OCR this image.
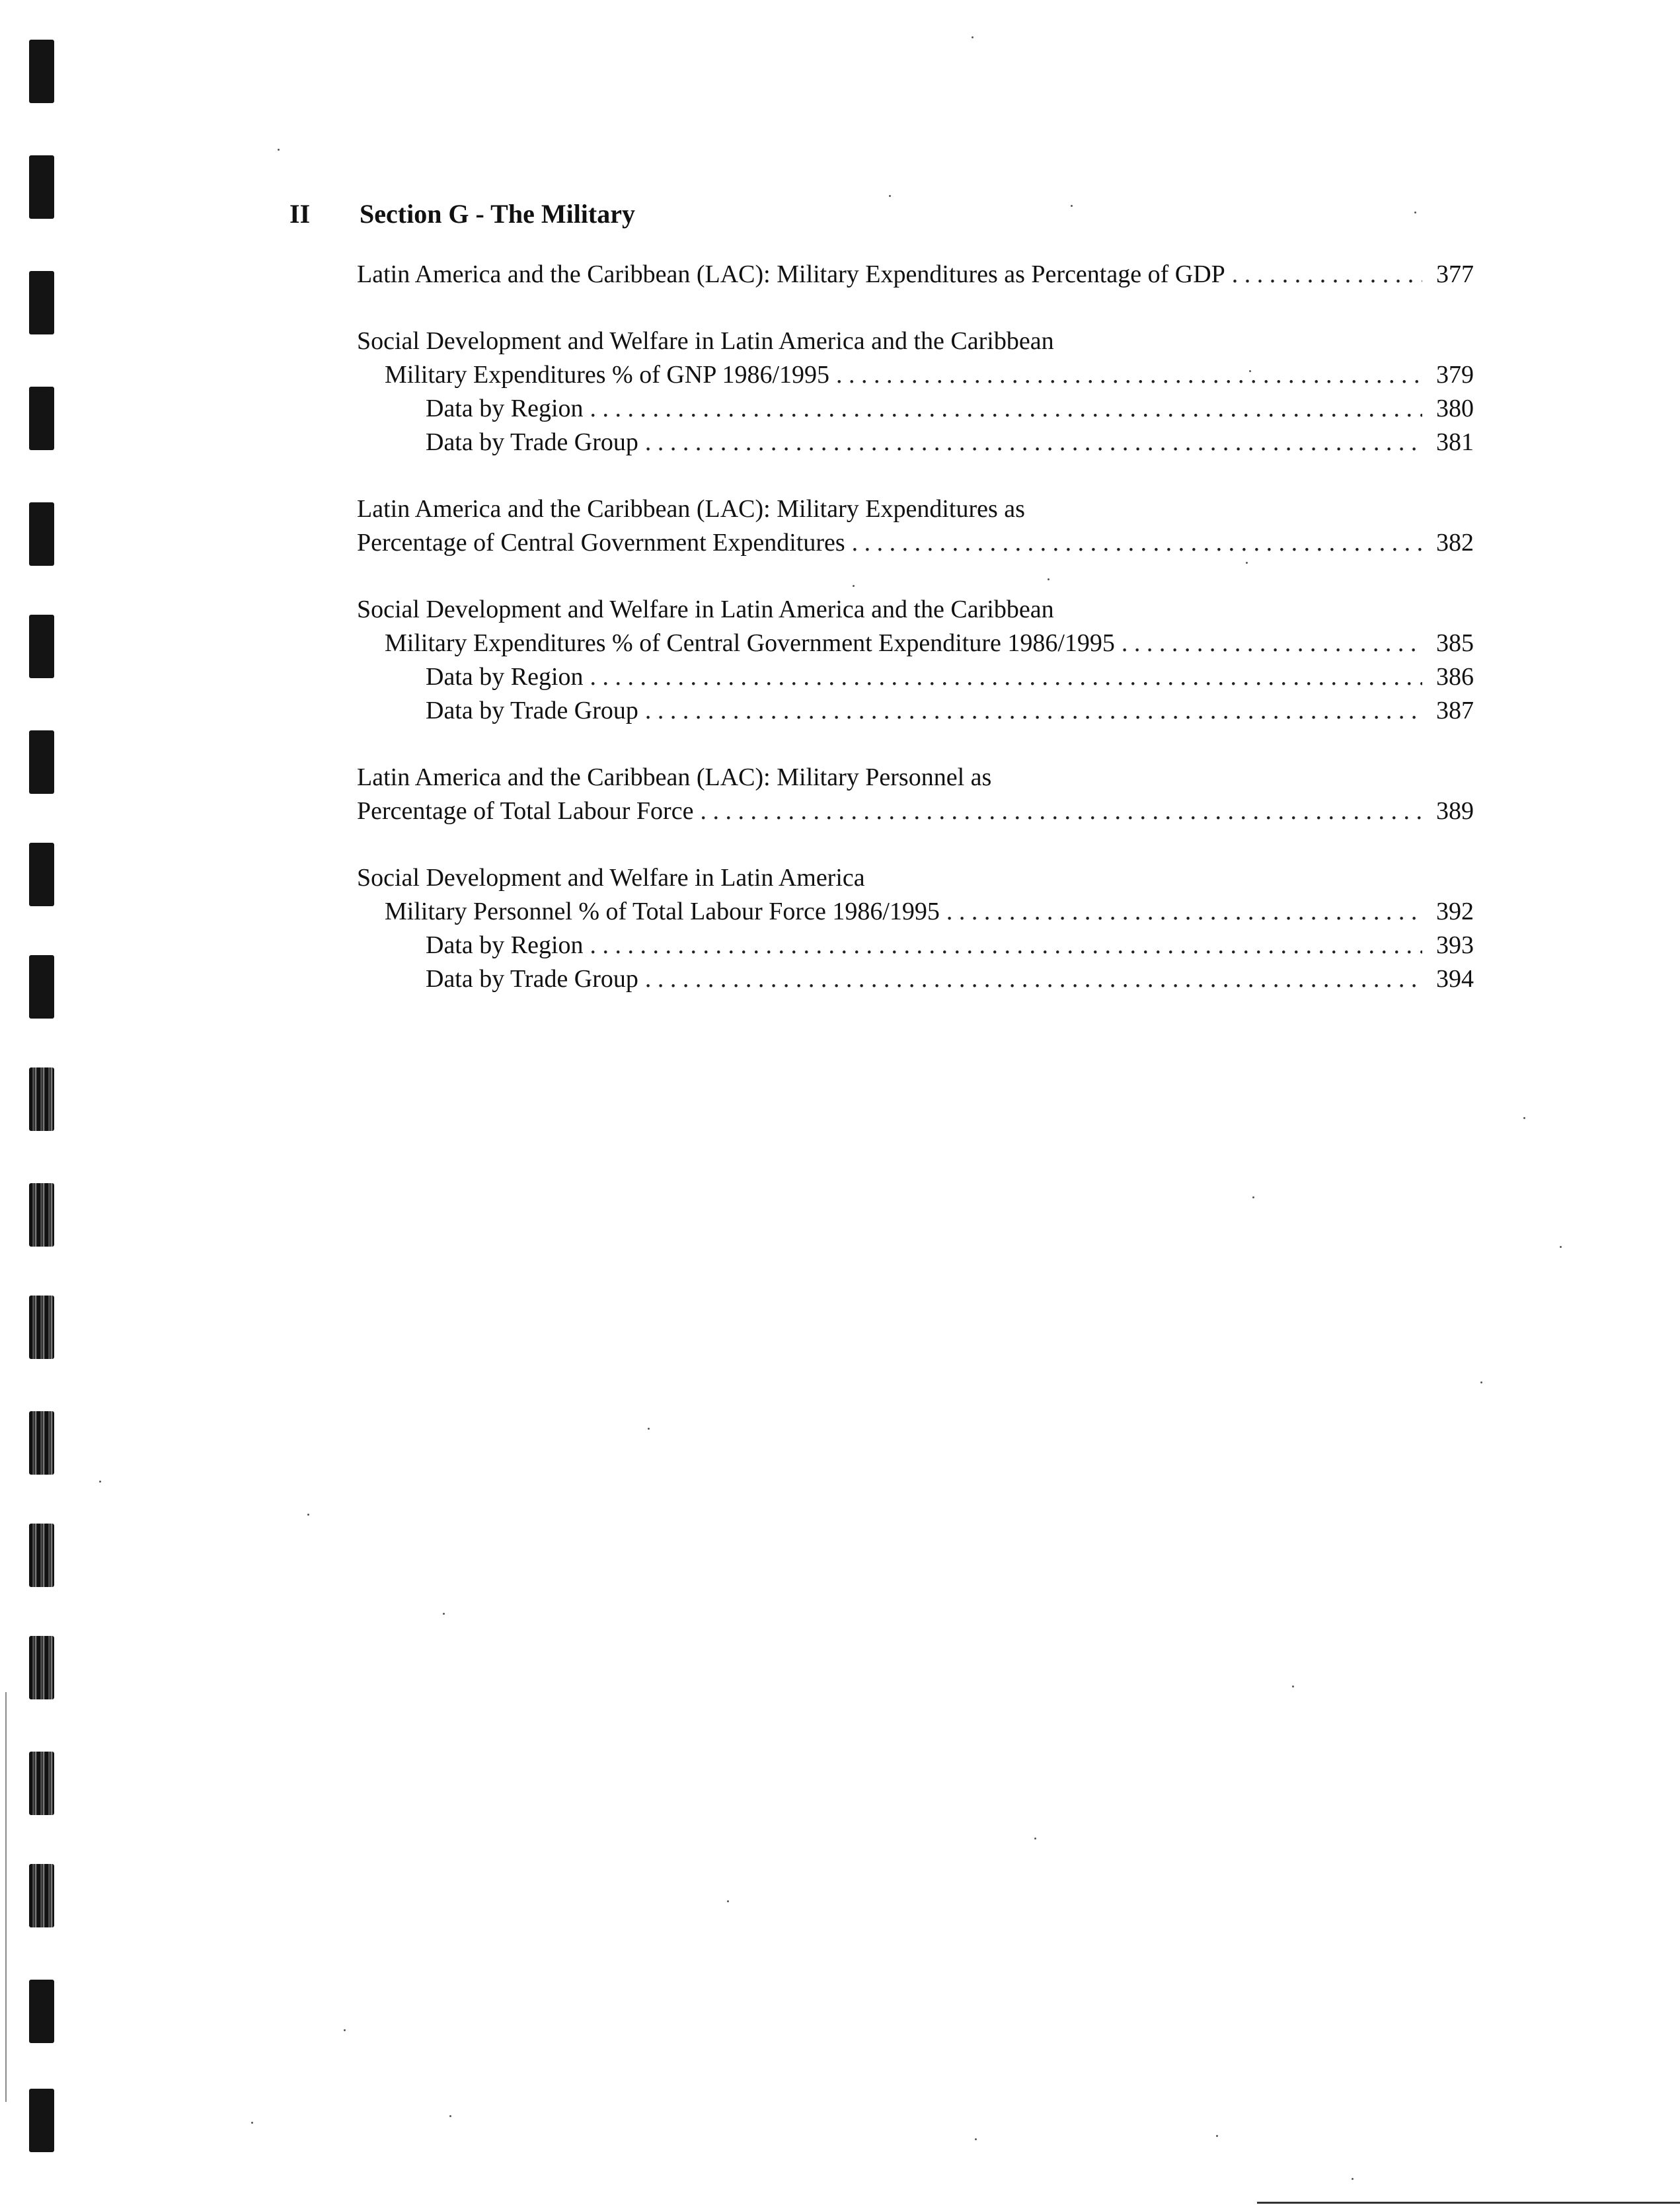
II	Section G - The Military
Latin America and the Caribbean (LAC): Military Expenditures as Percentage of GDP . . .	377
Social Development and Welfare in Latin America and the Caribbean
Military Expenditures % of GNP 1986/1995 . . .	379
Data by Region . . .	380
Data by Trade Group . . .	381
Latin America and the Caribbean (LAC): Military Expenditures as
Percentage of Central Government Expenditures . . .	382
Social Development and Welfare in Latin America and the Caribbean
Military Expenditures % of Central Government Expenditure 1986/1995 . . .	385
Data by Region . . .	386
Data by Trade Group . . .	387
Latin America and the Caribbean (LAC): Military Personnel as
Percentage of Total Labour Force . . .	389
Social Development and Welfare in Latin America
Military Personnel % of Total Labour Force 1986/1995 . . .	392
Data by Region . . .	393
Data by Trade Group . . .	394
